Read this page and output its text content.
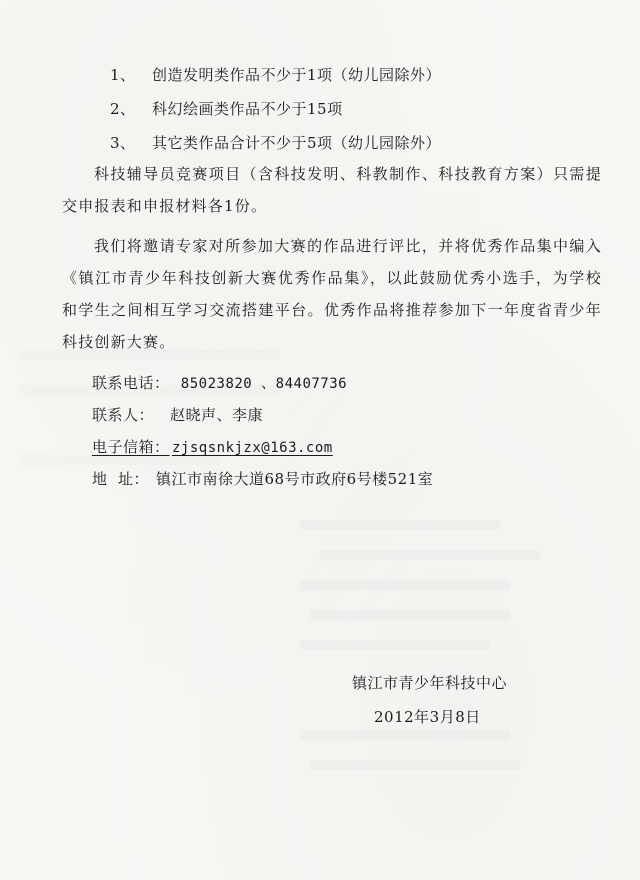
1、 创造发明类作品不少于1项（幼儿园除外）
2、 科幻绘画类作品不少于15项
3、 其它类作品合计不少于5项（幼儿园除外）
科技辅导员竞赛项目（含科技发明、科教制作、科技教育方案）只需提交申报表和申报材料各1份。
我们将邀请专家对所参加大赛的作品进行评比，并将优秀作品集中编入《镇江市青少年科技创新大赛优秀作品集》，以此鼓励优秀小选手，为学校和学生之间相互学习交流搭建平台。优秀作品将推荐参加下一年度省青少年科技创新大赛。
联系电话： 85023820 、84407736
联系人： 赵晓声、李康
电子信箱： zjsqsnkjzx@163.com
地  址： 镇江市南徐大道68号市政府6号楼521室
镇江市青少年科技中心
2012年3月8日
